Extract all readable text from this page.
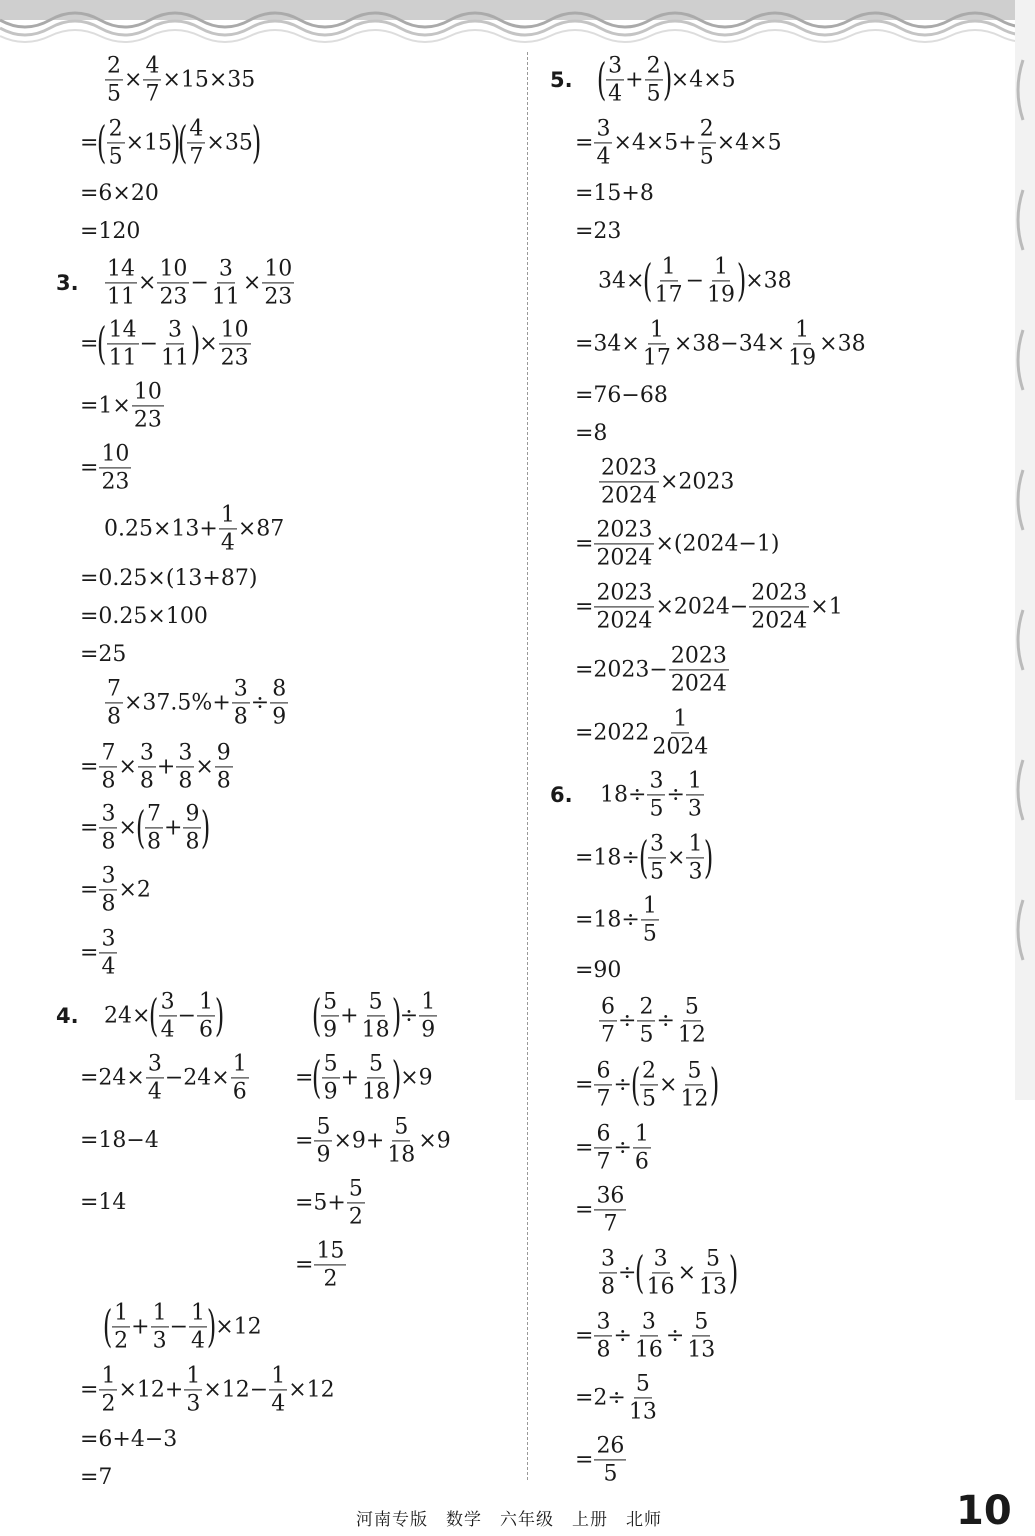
3.
4.
5.
6.
$\frac{2}{5} \times \frac{4}{7} \times 15\times 35$
=
( $\frac{2}{5} \times 15$
)
( $\frac{4}{7} \times 35$
)
=6×20
=120
$\frac{14}{11} \times \frac{10}{23} - \frac{3}{11} \times \frac{10}{23}$
=
( $\frac{14}{11} - \frac{3}{11}$ )
× $\frac{10}{23}$
$=1\times \frac{10}{23}$
= $\frac{10}{23}$
$0.25\times 13+ \frac{1}{4} \times 87$
=0.25×(13+87)
=0.25×100
=25
$\frac{7}{8} \times 37.5\%+ \frac{3}{8} \div \frac{8}{9}$
= $\frac{7}{8} \times \frac{3}{8} + \frac{3}{8} \times \frac{9}{8}$
= $\frac{3}{8}$ ×
( $\frac{7}{8} + \frac{9}{8}$ )
= $\frac{3}{8} \times 2$
= $\frac{3}{4}$
24×
( $\frac{3}{4} - \frac{1}{6}$ )
$=24\times \frac{3}{4} -24\times \frac{1}{6}$
=18−4
=14
( $\frac{5}{9} + \frac{5}{18}$ )
÷ $\frac{1}{9}$
=
( $\frac{5}{9} + \frac{5}{18}$ )
×9
= $\frac{5}{9} \times 9+ \frac{5}{18} \times 9$
$=5+ \frac{5}{2}$
= $\frac{15}{2}$
( $\frac{1}{2} + \frac{1}{3} - \frac{1}{4}$ )
×12
= $\frac{1}{2} \times 12+ \frac{1}{3} \times 12- \frac{1}{4} \times 12$
=6+4−3
=7
( $\frac{3}{4} + \frac{2}{5}$ )
×4×5
= $\frac{3}{4} \times 4\times 5+ \frac{2}{5} \times 4\times 5$
=15+8
=23
34×
( $\frac{1}{17} - \frac{1}{19}$ )
×38
$=34\times \frac{1}{17} \times 38-34\times \frac{1}{19} \times 38$
=76−68
=8
$\frac{2023}{2024} \times 2023$
= $\frac{2023}{2024} \times(2024-1)$
= $\frac{2023}{2024} \times 2024- \frac{2023}{2024} \times 1$
$=2023- \frac{2023}{2024}$
$=2022 \frac{1}{2024}$
$18\div \frac{3}{5} \div \frac{1}{3}$
=18÷
( $\frac{3}{5} \times \frac{1}{3}$ )
$=18\div \frac{1}{5}$
=90
$\frac{6}{7} \div \frac{2}{5} \div \frac{5}{12}$
= $\frac{6}{7}$ ÷
( $\frac{2}{5} \times \frac{5}{12}$ )
= $\frac{6}{7} \div \frac{1}{6}$
= $\frac{36}{7}$
$\frac{3}{8}$ ÷
( $\frac{3}{16} \times \frac{5}{13}$ )
= $\frac{3}{8} \div \frac{3}{16} \div \frac{5}{13}$
$=2\div \frac{5}{13}$
= $\frac{26}{5}$
河南专版　数学　六年级　上册　北师	10
